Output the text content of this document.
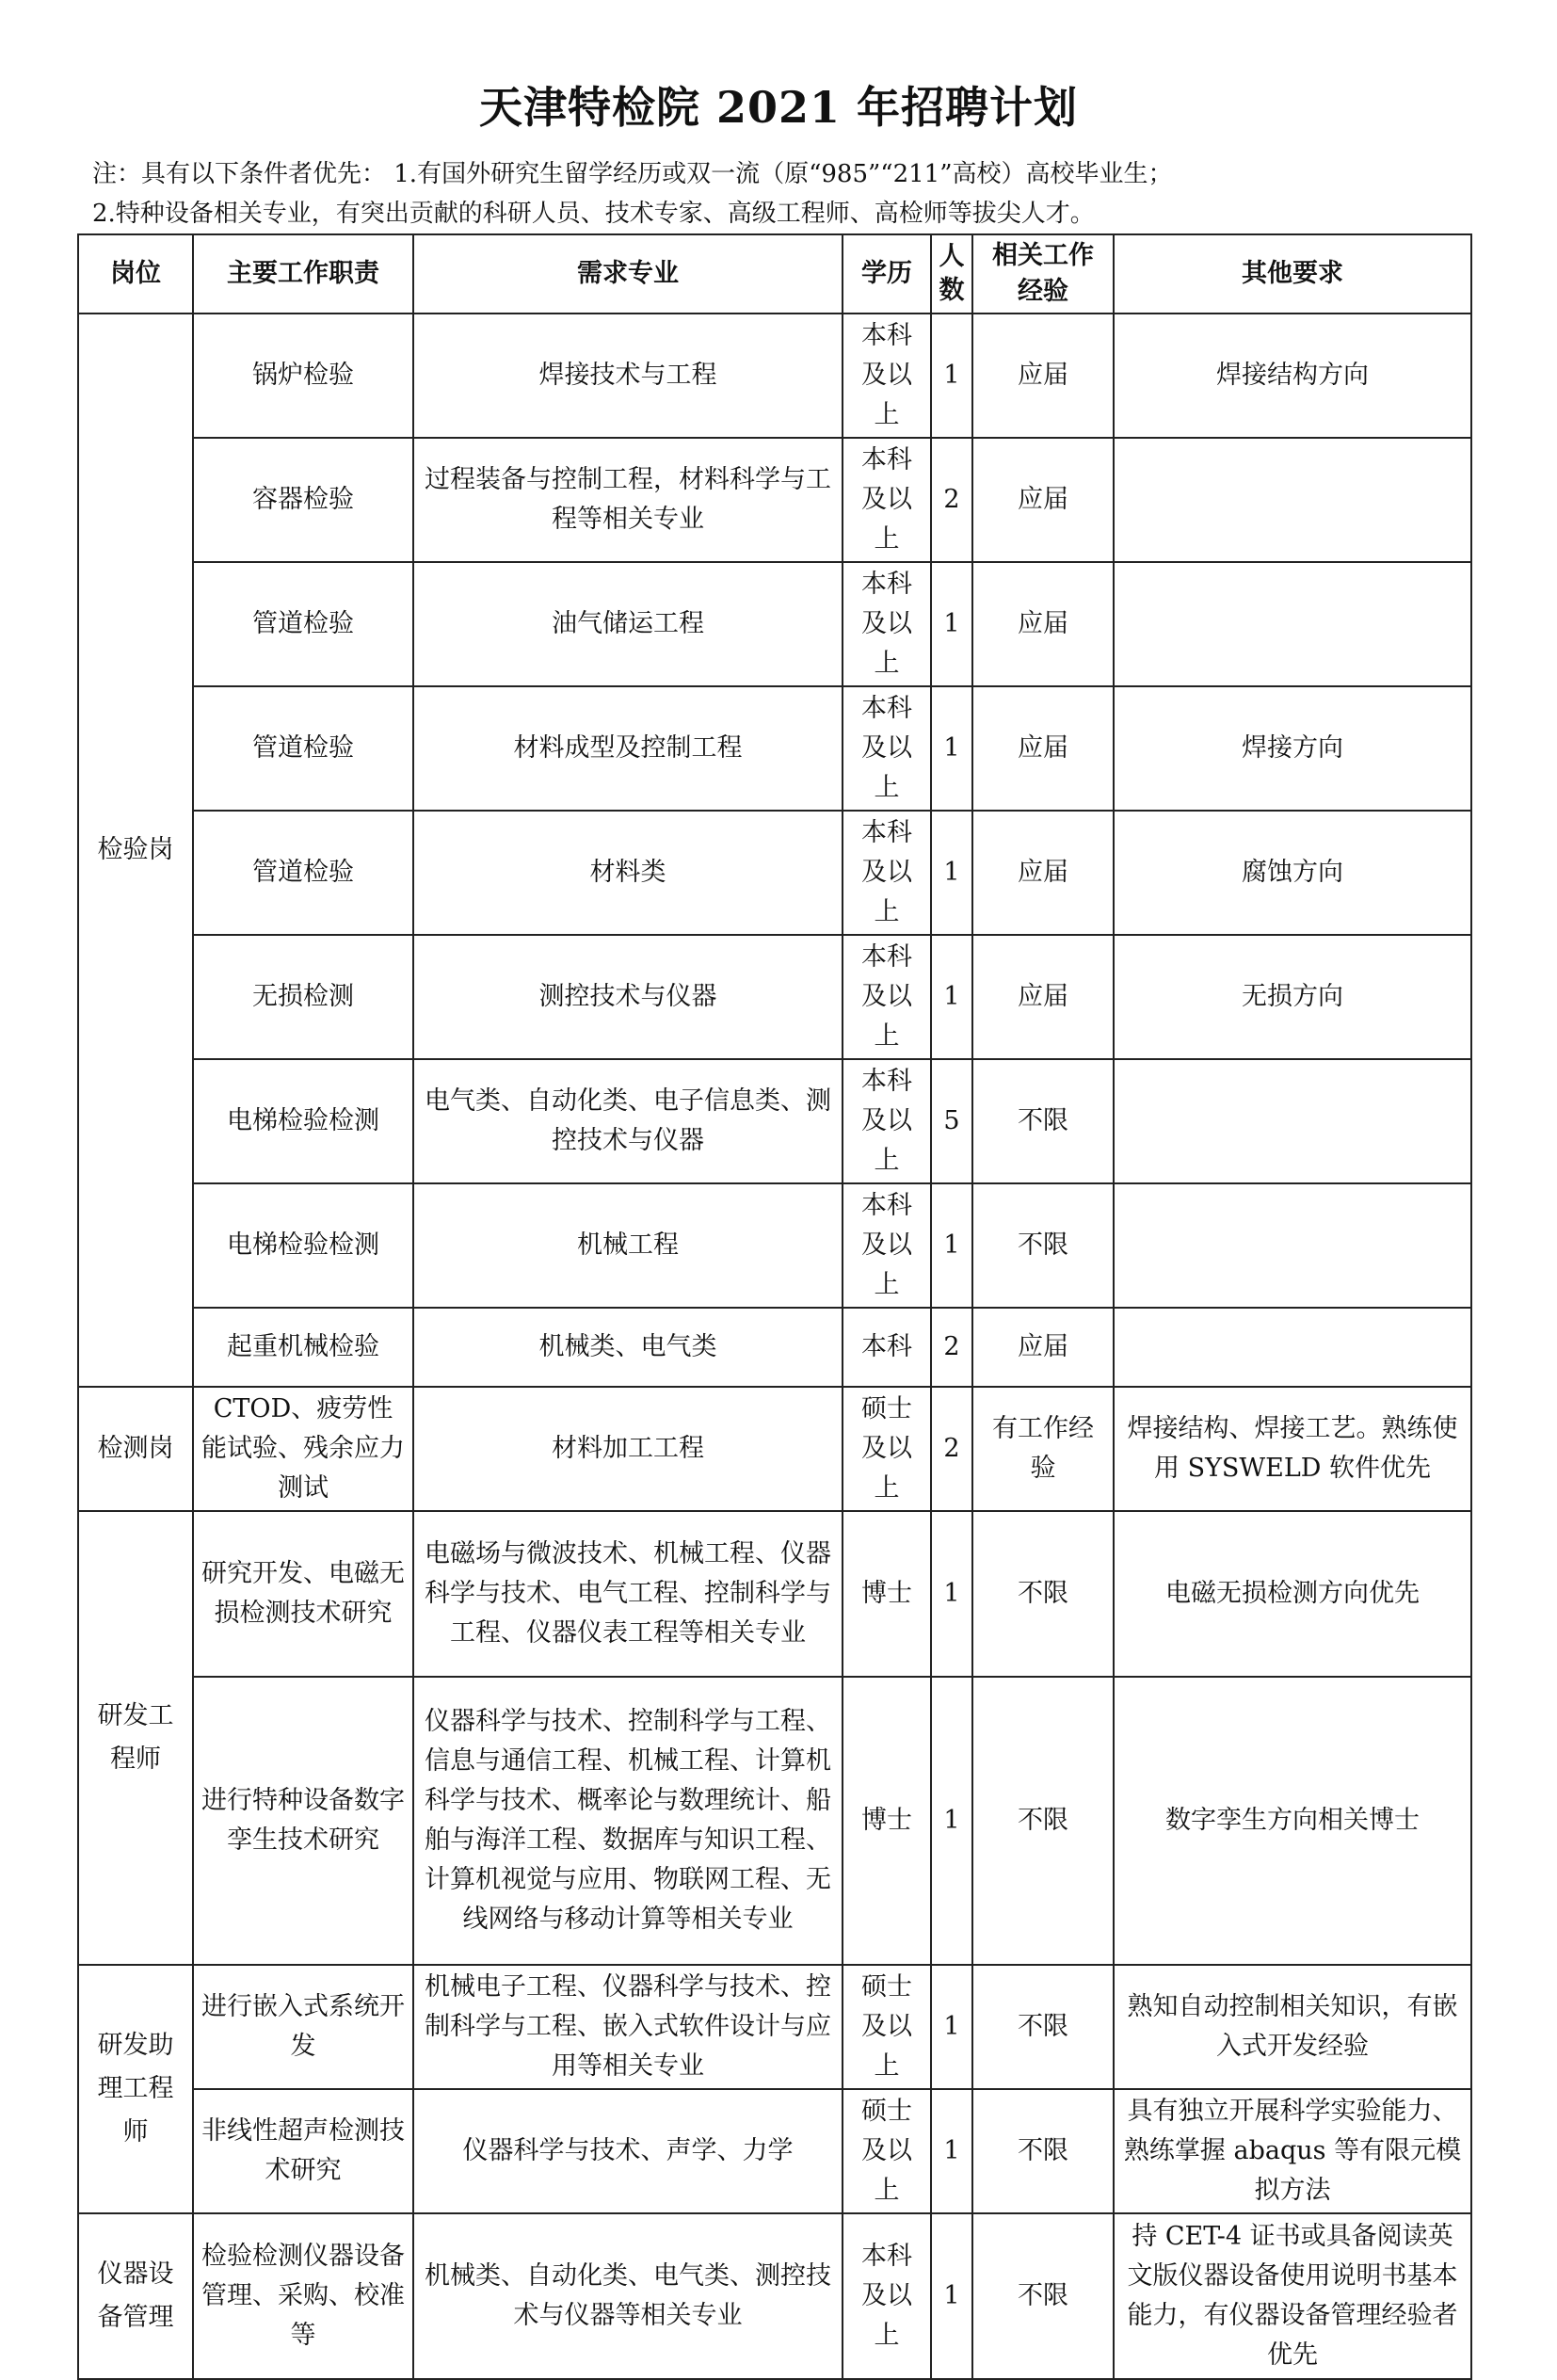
天津特检院 2021 年招聘计划
注：具有以下条件者优先： 1.有国外研究生留学经历或双一流（原“985”“211”高校）高校毕业生；
2.特种设备相关专业，有突出贡献的科研人员、技术专家、高级工程师、高检师等拔尖人才。
岗位	主要工作职责	需求专业	学历	人数	相关工作经验	其他要求
检验岗	锅炉检验	焊接技术与工程	本科及以上	1	应届	焊接结构方向
	容器检验	过程装备与控制工程，材料科学与工程等相关专业	本科及以上	2	应届	
	管道检验	油气储运工程	本科及以上	1	应届	
	管道检验	材料成型及控制工程	本科及以上	1	应届	焊接方向
	管道检验	材料类	本科及以上	1	应届	腐蚀方向
	无损检测	测控技术与仪器	本科及以上	1	应届	无损方向
	电梯检验检测	电气类、自动化类、电子信息类、测控技术与仪器	本科及以上	5	不限	
	电梯检验检测	机械工程	本科及以上	1	不限	
	起重机械检验	机械类、电气类	本科	2	应届	
检测岗	CTOD、疲劳性能试验、残余应力测试	材料加工工程	硕士及以上	2	有工作经验	焊接结构、焊接工艺。熟练使用 SYSWELD 软件优先
研发工程师	研究开发、电磁无损检测技术研究	电磁场与微波技术、机械工程、仪器科学与技术、电气工程、控制科学与工程、仪器仪表工程等相关专业	博士	1	不限	电磁无损检测方向优先
	进行特种设备数字孪生技术研究	仪器科学与技术、控制科学与工程、信息与通信工程、机械工程、计算机科学与技术、概率论与数理统计、船舶与海洋工程、数据库与知识工程、计算机视觉与应用、物联网工程、无线网络与移动计算等相关专业	博士	1	不限	数字孪生方向相关博士
研发助理工程师	进行嵌入式系统开发	机械电子工程、仪器科学与技术、控制科学与工程、嵌入式软件设计与应用等相关专业	硕士及以上	1	不限	熟知自动控制相关知识，有嵌入式开发经验
	非线性超声检测技术研究	仪器科学与技术、声学、力学	硕士及以上	1	不限	具有独立开展科学实验能力、熟练掌握 abaqus 等有限元模拟方法
仪器设备管理	检验检测仪器设备管理、采购、校准等	机械类、自动化类、电气类、测控技术与仪器等相关专业	本科及以上	1	不限	持 CET-4 证书或具备阅读英文版仪器设备使用说明书基本能力，有仪器设备管理经验者优先
